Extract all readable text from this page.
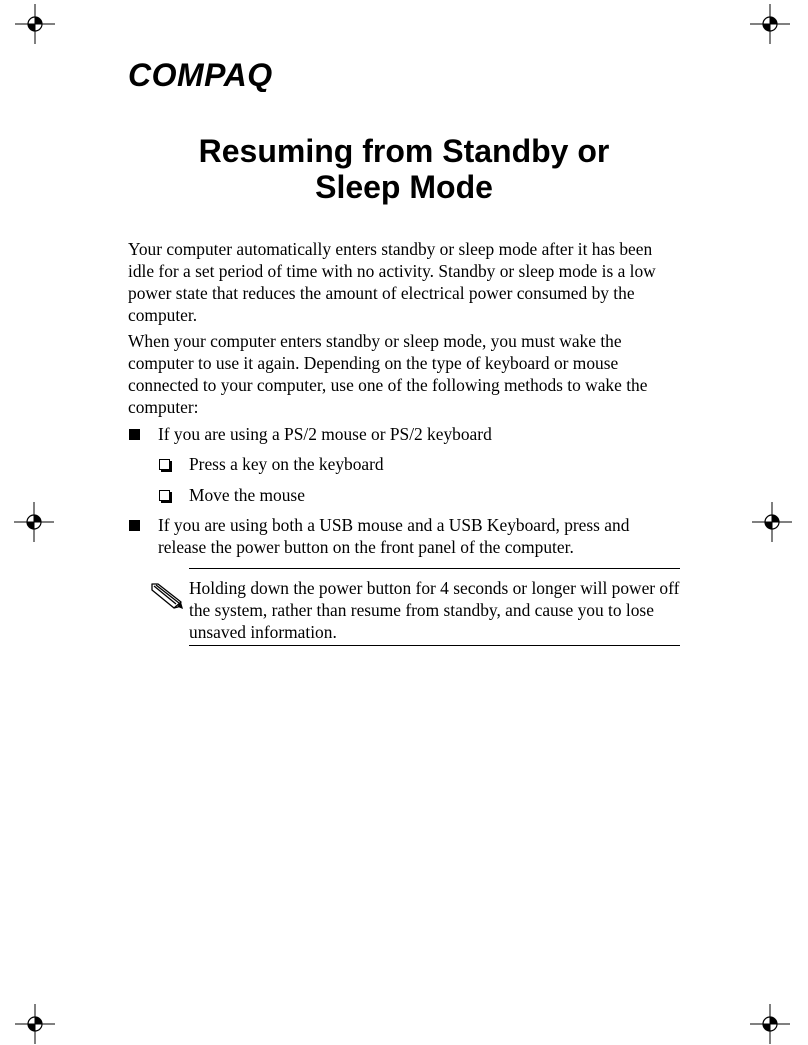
COMPAQ
Resuming from Standby or
Sleep Mode

Your computer automatically enters standby or sleep mode after it has been idle for a set period of time with no activity. Standby or sleep mode is a low power state that reduces the amount of electrical power consumed by the computer.

When your computer enters standby or sleep mode, you must wake the computer to use it again. Depending on the type of keyboard or mouse connected to your computer, use one of the following methods to wake the computer:

If you are using a PS/2 mouse or PS/2 keyboard
Press a key on the keyboard
Move the mouse
If you are using both a USB mouse and a USB Keyboard, press and release the power button on the front panel of the computer.
Holding down the power button for 4 seconds or longer will power off the system, rather than resume from standby, and cause you to lose unsaved information.
